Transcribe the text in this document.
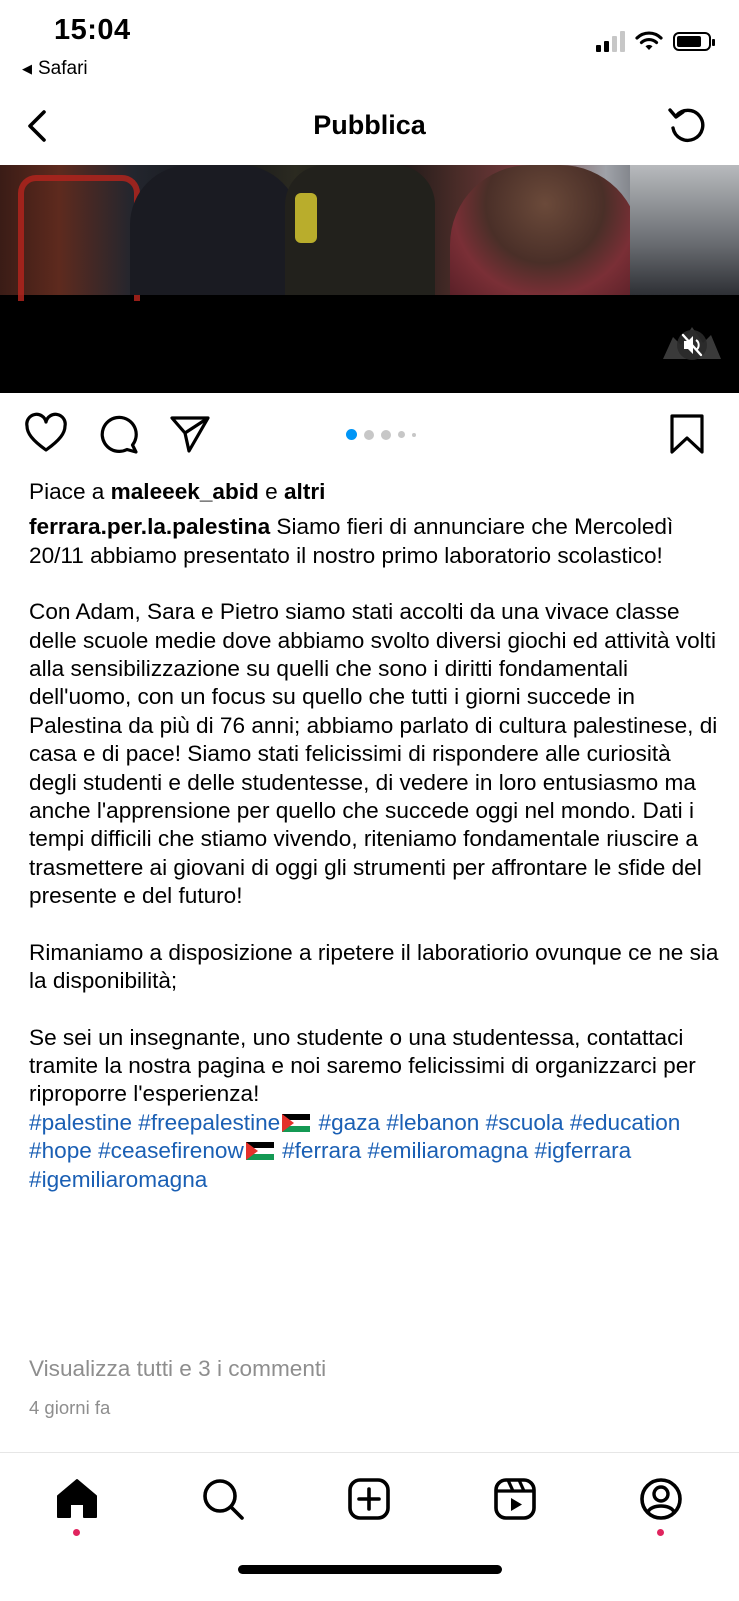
15:04
◀ Safari
Pubblica

Piace a maleeek_abid e altri

ferrara.per.la.palestina Siamo fieri di annunciare che Mercoledì 20/11 abbiamo presentato il nostro primo laboratorio scolastico!

Con Adam, Sara e Pietro siamo stati accolti da una vivace classe delle scuole medie dove abbiamo svolto diversi giochi ed attività volti alla sensibilizzazione su quelli che sono i diritti fondamentali dell'uomo, con un focus su quello che tutti i giorni succede in Palestina da più di 76 anni; abbiamo parlato di cultura palestinese, di casa e di pace! Siamo stati felicissimi di rispondere alle curiosità degli studenti e delle studentesse, di vedere in loro entusiasmo ma anche l'apprensione per quello che succede oggi nel mondo. Dati i tempi difficili che stiamo vivendo, riteniamo fondamentale riuscire a trasmettere ai giovani di oggi gli strumenti per affrontare le sfide del presente e del futuro!

Rimaniamo a disposizione a ripetere il laboratiorio ovunque ce ne sia la disponibilità;

Se sei un insegnante, uno studente o una studentessa, contattaci tramite la nostra pagina e noi saremo felicissimi di organizzarci per riproporre l'esperienza!

#palestine #freepalestine #gaza #lebanon #scuola #education #hope #ceasefirenow #ferrara #emiliaromagna #igferrara #igemiliaromagna

Visualizza tutti e 3 i commenti
4 giorni fa
